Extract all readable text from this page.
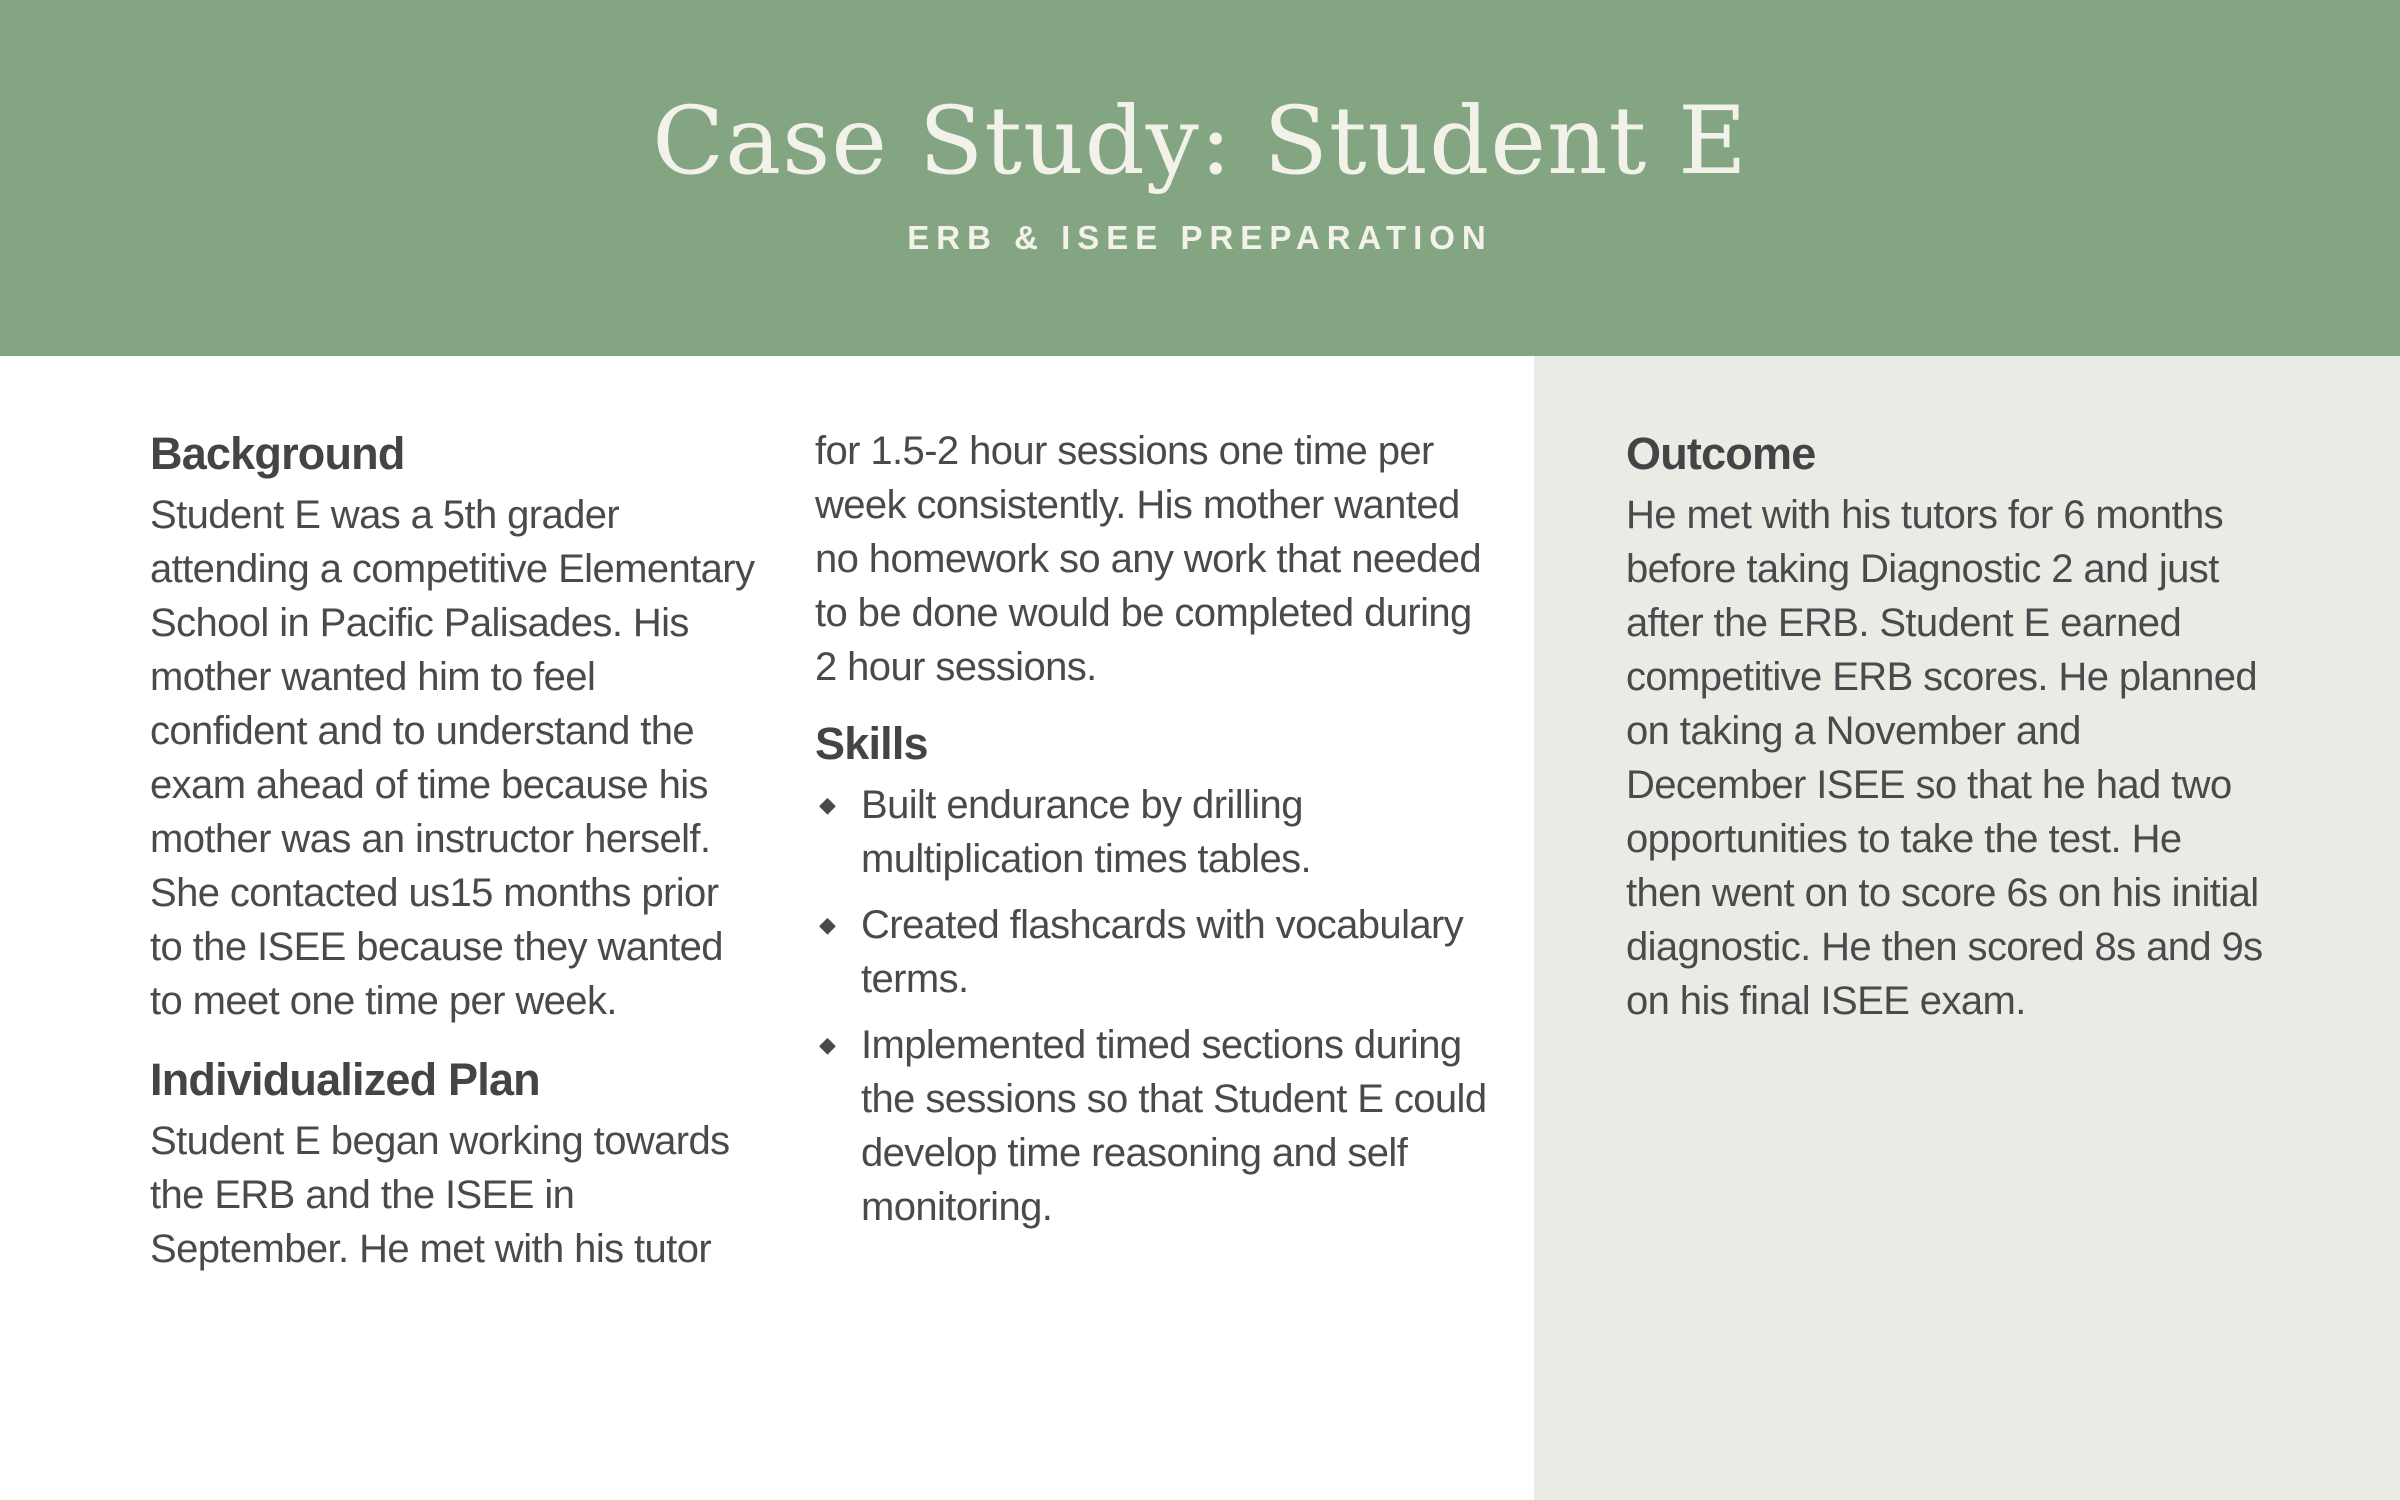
Case Study: Student E
ERB & ISEE PREPARATION
Background

Student E was a 5th grader attending a competitive Elementary School in Pacific Palisades. His mother wanted him to feel confident and to understand the exam ahead of time because his mother was an instructor herself. She contacted us15 months prior to the ISEE because they wanted to meet one time per week.

Individualized Plan

Student E began working towards the ERB and the ISEE in September. He met with his tutor

for 1.5-2 hour sessions one time per week consistently. His mother wanted no homework so any work that needed to be done would be completed during 2 hour sessions.

Skills
◆ Built endurance by drilling multiplication times tables.
◆ Created flashcards with vocabulary terms.
◆ Implemented timed sections during the sessions so that Student E could develop time reasoning and self monitoring.
Outcome

He met with his tutors for 6 months before taking Diagnostic 2 and just after the ERB. Student E earned competitive ERB scores. He planned on taking a November and December ISEE so that he had two opportunities to take the test. He then went on to score 6s on his initial diagnostic. He then scored 8s and 9s on his final ISEE exam.
